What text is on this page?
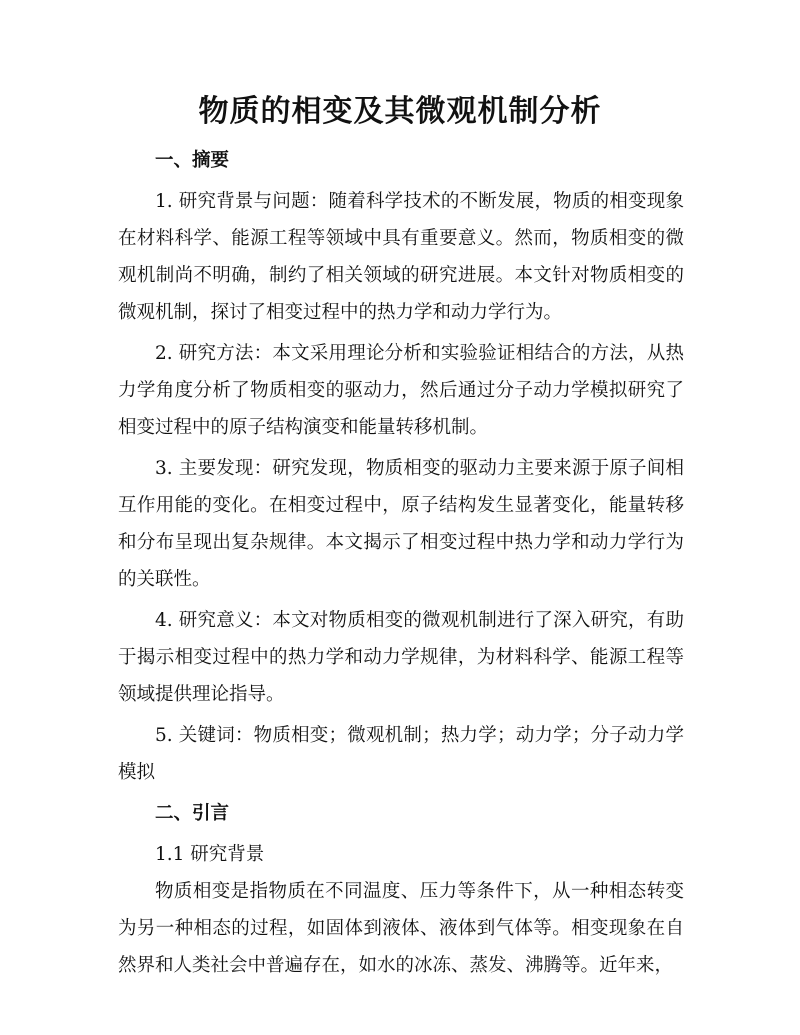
物质的相变及其微观机制分析

一、摘要

1. 研究背景与问题：随着科学技术的不断发展，物质的相变现象在材料科学、能源工程等领域中具有重要意义。然而，物质相变的微观机制尚不明确，制约了相关领域的研究进展。本文针对物质相变的微观机制，探讨了相变过程中的热力学和动力学行为。

2. 研究方法：本文采用理论分析和实验验证相结合的方法，从热力学角度分析了物质相变的驱动力，然后通过分子动力学模拟研究了相变过程中的原子结构演变和能量转移机制。

3. 主要发现：研究发现，物质相变的驱动力主要来源于原子间相互作用能的变化。在相变过程中，原子结构发生显著变化，能量转移和分布呈现出复杂规律。本文揭示了相变过程中热力学和动力学行为的关联性。

4. 研究意义：本文对物质相变的微观机制进行了深入研究，有助于揭示相变过程中的热力学和动力学规律，为材料科学、能源工程等领域提供理论指导。

5. 关键词：物质相变；微观机制；热力学；动力学；分子动力学模拟

二、引言

1.1 研究背景

物质相变是指物质在不同温度、压力等条件下，从一种相态转变为另一种相态的过程，如固体到液体、液体到气体等。相变现象在自然界和人类社会中普遍存在，如水的冰冻、蒸发、沸腾等。近年来，
